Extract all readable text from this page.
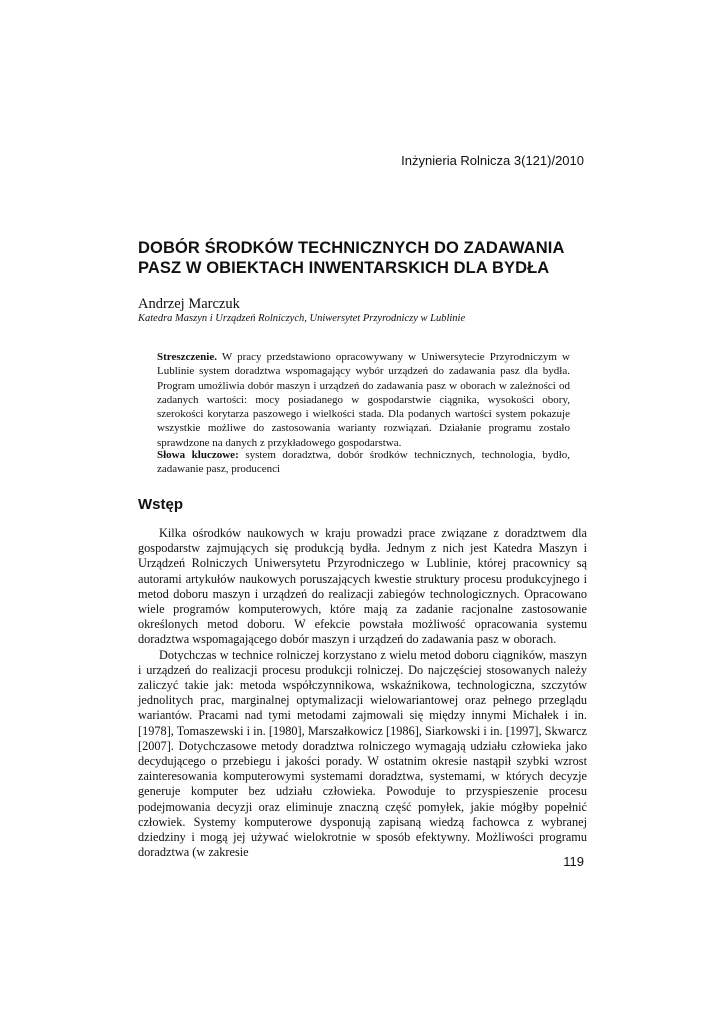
Inżynieria Rolnicza 3(121)/2010
DOBÓR ŚRODKÓW TECHNICZNYCH DO ZADAWANIA
PASZ W OBIEKTACH INWENTARSKICH DLA BYDŁA

Andrzej Marczuk

Katedra Maszyn i Urządzeń Rolniczych, Uniwersytet Przyrodniczy w Lublinie

Streszczenie. W pracy przedstawiono opracowywany w Uniwersytecie Przyrodniczym w Lublinie system doradztwa wspomagający wybór urządzeń do zadawania pasz dla bydła. Program umożliwia dobór maszyn i urządzeń do zadawania pasz w oborach w zależności od zadanych wartości: mocy posiadanego w gospodarstwie ciągnika, wysokości obory, szerokości korytarza paszowego i wielkości stada. Dla podanych wartości system pokazuje wszystkie możliwe do zastosowania warianty rozwiązań. Działanie programu zostało sprawdzone na danych z przykładowego gospodarstwa.

Słowa kluczowe: system doradztwa, dobór środków technicznych, technologia, bydło, zadawanie pasz, producenci

Wstęp

Kilka ośrodków naukowych w kraju prowadzi prace związane z doradztwem dla gospodarstw zajmujących się produkcją bydła. Jednym z nich jest Katedra Maszyn i Urządzeń Rolniczych Uniwersytetu Przyrodniczego w Lublinie, której pracownicy są autorami artykułów naukowych poruszających kwestie struktury procesu produkcyjnego i metod doboru maszyn i urządzeń do realizacji zabiegów technologicznych. Opracowano wiele programów komputerowych, które mają za zadanie racjonalne zastosowanie określonych metod doboru. W efekcie powstała możliwość opracowania systemu doradztwa wspomagającego dobór maszyn i urządzeń do zadawania pasz w oborach.

Dotychczas w technice rolniczej korzystano z wielu metod doboru ciągników, maszyn i urządzeń do realizacji procesu produkcji rolniczej. Do najczęściej stosowanych należy zaliczyć takie jak: metoda współczynnikowa, wskaźnikowa, technologiczna, szczytów jednolitych prac, marginalnej optymalizacji wielowariantowej oraz pełnego przeglądu wariantów. Pracami nad tymi metodami zajmowali się między innymi Michałek i in. [1978], Tomaszewski i in. [1980], Marszałkowicz [1986], Siarkowski i in. [1997], Skwarcz [2007]. Dotychczasowe metody doradztwa rolniczego wymagają udziału człowieka jako decydującego o przebiegu i jakości porady. W ostatnim okresie nastąpił szybki wzrost zainteresowania komputerowymi systemami doradztwa, systemami, w których decyzje generuje komputer bez udziału człowieka. Powoduje to przyspieszenie procesu podejmowania decyzji oraz eliminuje znaczną część pomyłek, jakie mógłby popełnić człowiek. Systemy komputerowe dysponują zapisaną wiedzą fachowca z wybranej dziedziny i mogą jej używać wielokrotnie w sposób efektywny. Możliwości programu doradztwa (w zakresie

119
